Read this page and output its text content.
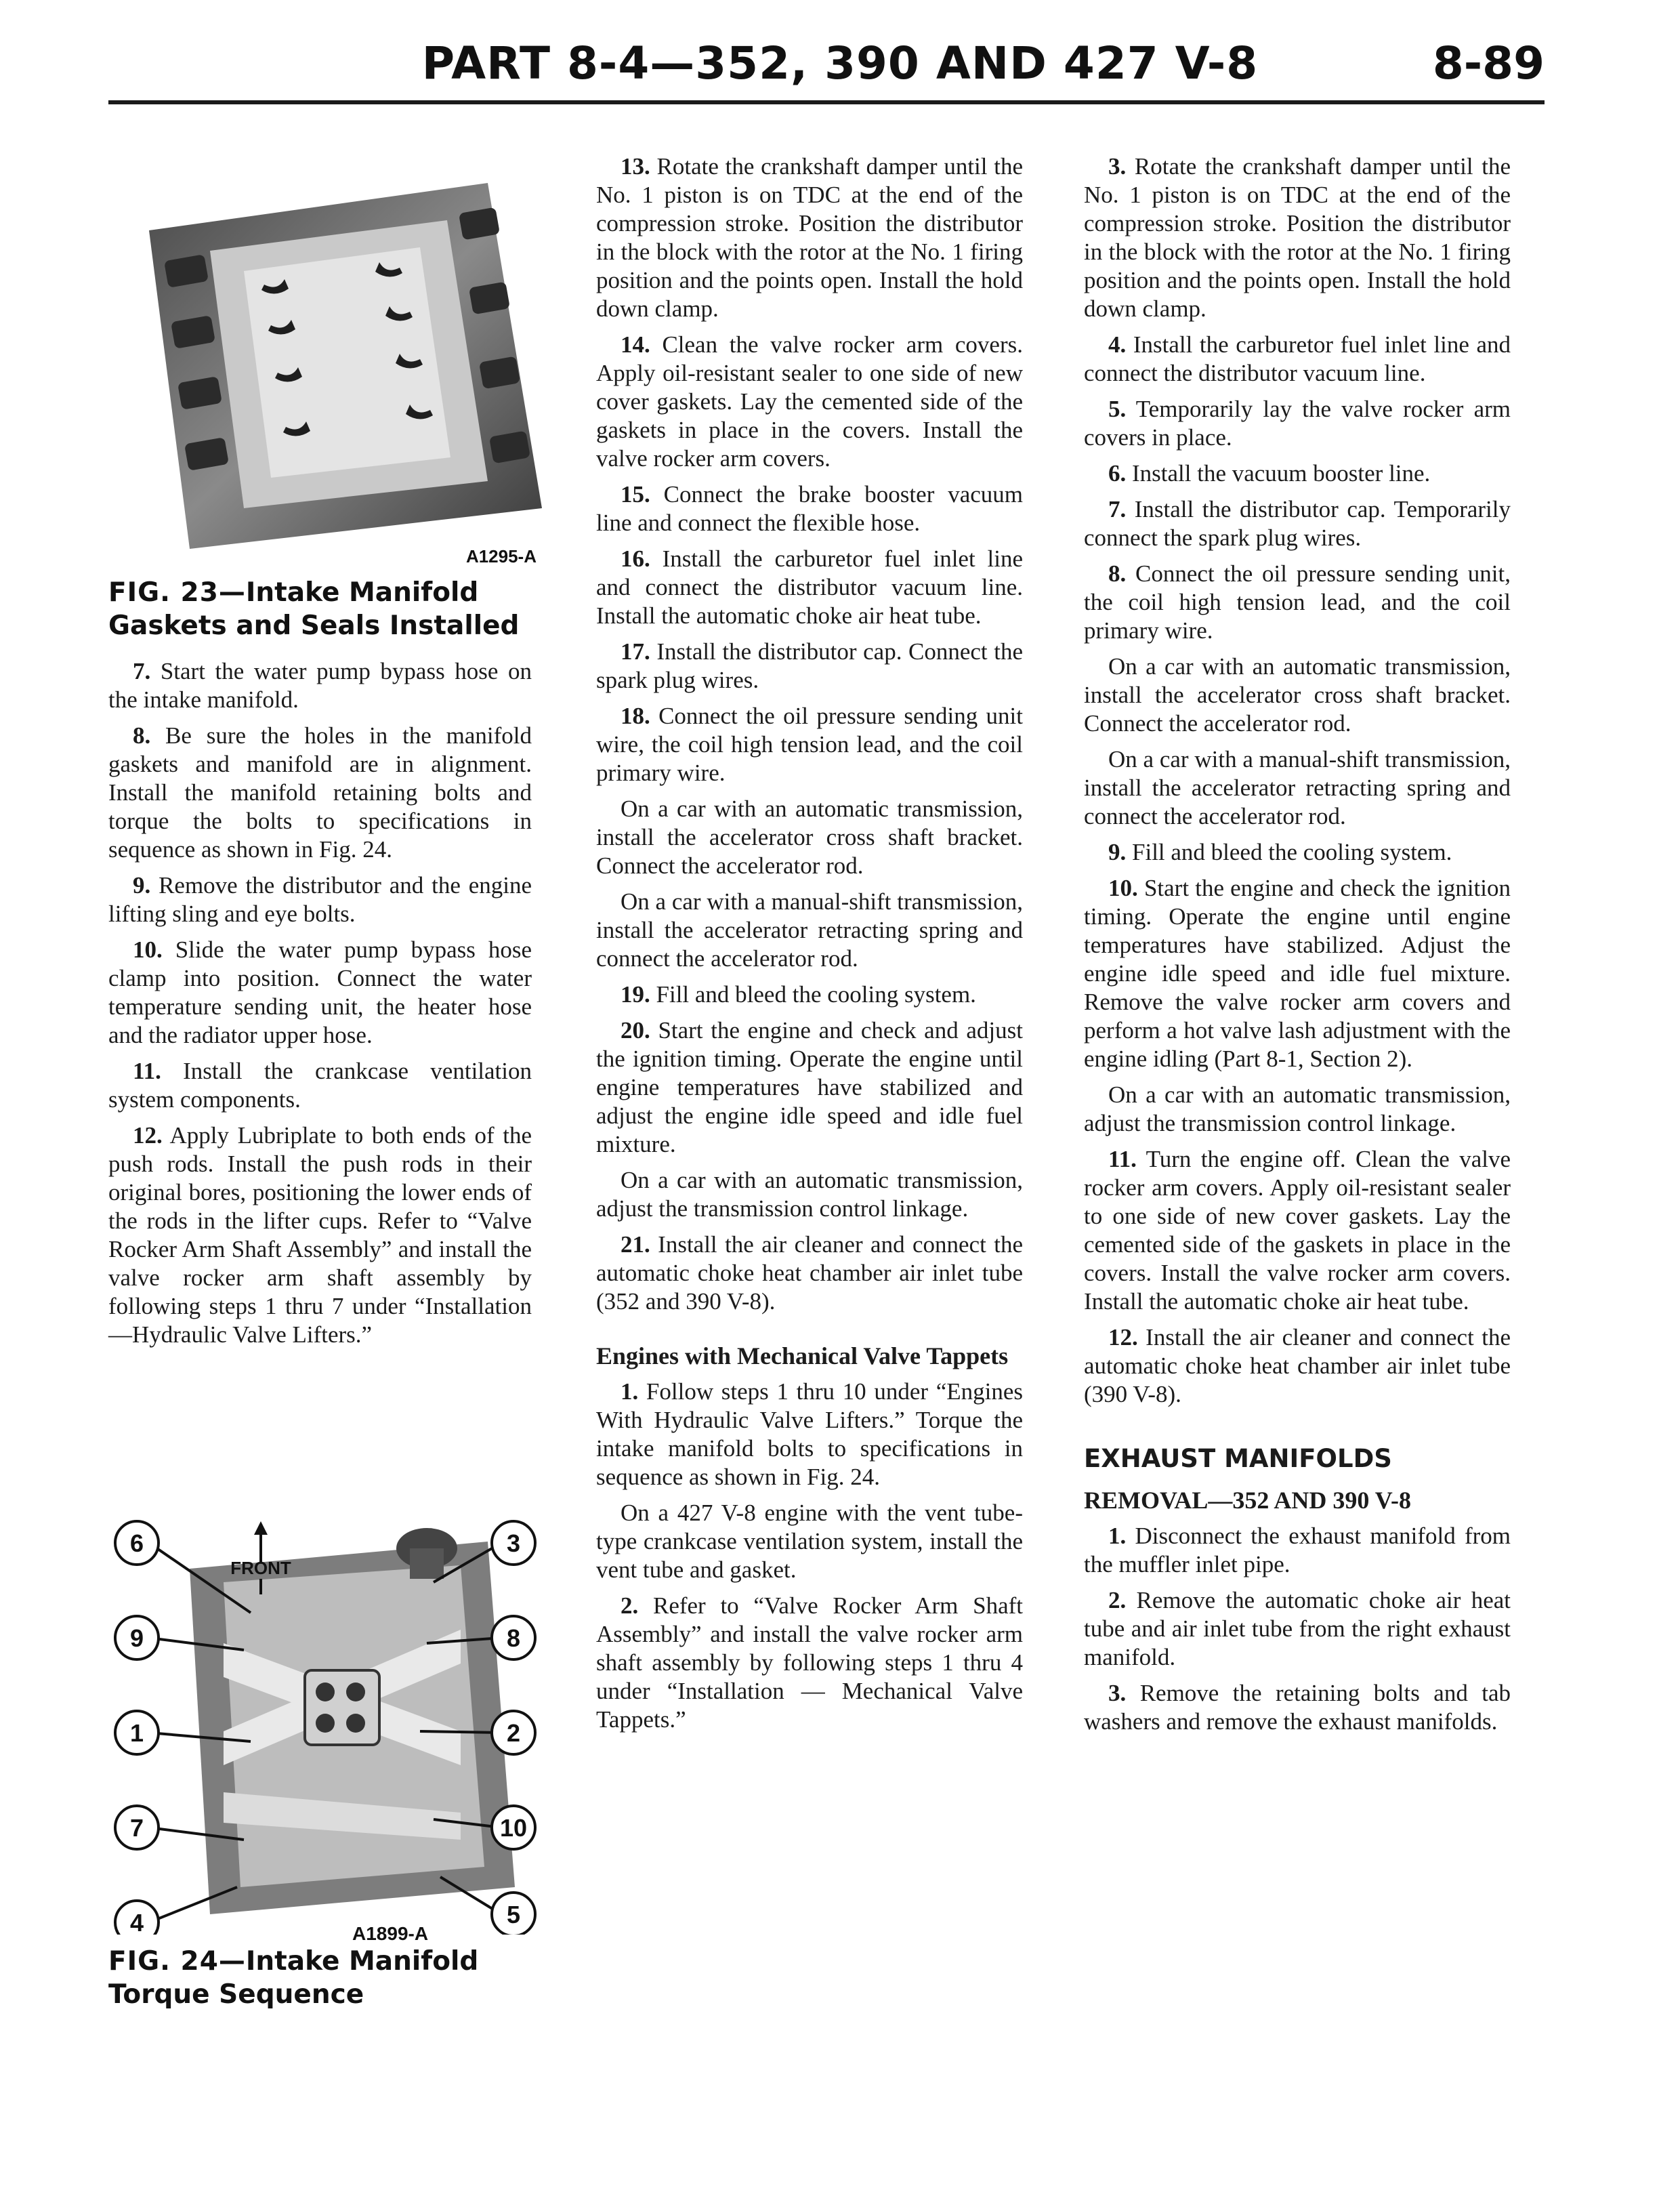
PART 8-4—352, 390 AND 427 V-8	8-89
A1295-A
FIG. 23—Intake Manifold Gaskets and Seals Installed

7. Start the water pump bypass hose on the intake manifold.

8. Be sure the holes in the manifold gaskets and manifold are in alignment. Install the manifold retaining bolts and torque the bolts to specifications in sequence as shown in Fig. 24.

9. Remove the distributor and the engine lifting sling and eye bolts.

10. Slide the water pump bypass hose clamp into position. Connect the water temperature sending unit, the heater hose and the radiator upper hose.

11. Install the crankcase ventilation system components.

12. Apply Lubriplate to both ends of the push rods. Install the push rods in their original bores, positioning the lower ends of the rods in the lifter cups. Refer to “Valve Rocker Arm Shaft Assembly” and install the valve rocker arm shaft assembly by following steps 1 thru 7 under “Installation—Hydraulic Valve Lifters.”

FRONT
6
9
1
7
4
3
8
2
10
5
A1899-A
FIG. 24—Intake Manifold Torque Sequence

13. Rotate the crankshaft damper until the No. 1 piston is on TDC at the end of the compression stroke. Position the distributor in the block with the rotor at the No. 1 firing position and the points open. Install the hold down clamp.

14. Clean the valve rocker arm covers. Apply oil-resistant sealer to one side of new cover gaskets. Lay the cemented side of the gaskets in place in the covers. Install the valve rocker arm covers.

15. Connect the brake booster vacuum line and connect the flexible hose.

16. Install the carburetor fuel inlet line and connect the distributor vacuum line. Install the automatic choke air heat tube.

17. Install the distributor cap. Connect the spark plug wires.

18. Connect the oil pressure sending unit wire, the coil high tension lead, and the coil primary wire.

On a car with an automatic transmission, install the accelerator cross shaft bracket. Connect the accelerator rod.

On a car with a manual-shift transmission, install the accelerator retracting spring and connect the accelerator rod.

19. Fill and bleed the cooling system.

20. Start the engine and check and adjust the ignition timing. Operate the engine until engine temperatures have stabilized and adjust the engine idle speed and idle fuel mixture.

On a car with an automatic transmission, adjust the transmission control linkage.

21. Install the air cleaner and connect the automatic choke heat chamber air inlet tube (352 and 390 V-8).

Engines with Mechanical Valve Tappets

1. Follow steps 1 thru 10 under “Engines With Hydraulic Valve Lifters.” Torque the intake manifold bolts to specifications in sequence as shown in Fig. 24.

On a 427 V-8 engine with the vent tube-type crankcase ventilation system, install the vent tube and gasket.

2. Refer to “Valve Rocker Arm Shaft Assembly” and install the valve rocker arm shaft assembly by following steps 1 thru 4 under “Installation — Mechanical Valve Tappets.”

3. Rotate the crankshaft damper until the No. 1 piston is on TDC at the end of the compression stroke. Position the distributor in the block with the rotor at the No. 1 firing position and the points open. Install the hold down clamp.

4. Install the carburetor fuel inlet line and connect the distributor vacuum line.

5. Temporarily lay the valve rocker arm covers in place.

6. Install the vacuum booster line.

7. Install the distributor cap. Temporarily connect the spark plug wires.

8. Connect the oil pressure sending unit, the coil high tension lead, and the coil primary wire.

On a car with an automatic transmission, install the accelerator cross shaft bracket. Connect the accelerator rod.

On a car with a manual-shift transmission, install the accelerator retracting spring and connect the accelerator rod.

9. Fill and bleed the cooling system.

10. Start the engine and check the ignition timing. Operate the engine until engine temperatures have stabilized. Adjust the engine idle speed and idle fuel mixture. Remove the valve rocker arm covers and perform a hot valve lash adjustment with the engine idling (Part 8-1, Section 2).

On a car with an automatic transmission, adjust the transmission control linkage.

11. Turn the engine off. Clean the valve rocker arm covers. Apply oil-resistant sealer to one side of new cover gaskets. Lay the cemented side of the gaskets in place in the covers. Install the valve rocker arm covers. Install the automatic choke air heat tube.

12. Install the air cleaner and connect the automatic choke heat chamber air inlet tube (390 V-8).

EXHAUST MANIFOLDS
REMOVAL—352 AND 390 V-8

1. Disconnect the exhaust manifold from the muffler inlet pipe.

2. Remove the automatic choke air heat tube and air inlet tube from the right exhaust manifold.

3. Remove the retaining bolts and tab washers and remove the exhaust manifolds.
